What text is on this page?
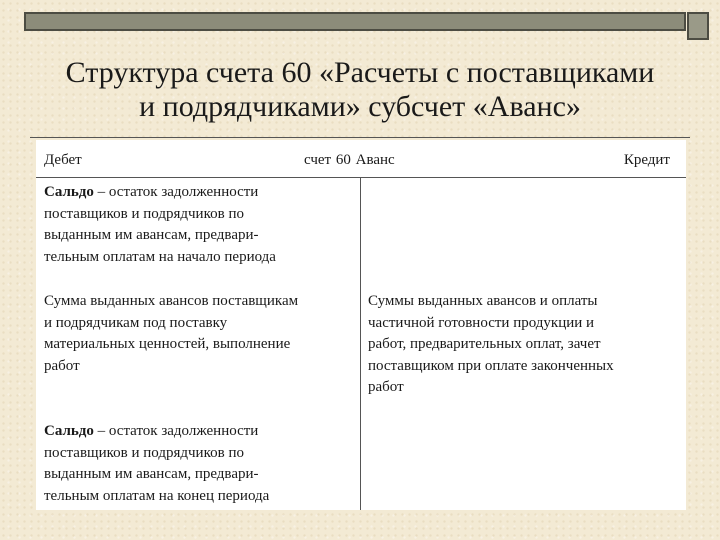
Структура счета 60 «Расчеты с поставщиками
и подрядчиками» субсчет «Аванс»
Дебет	счет 60 Аванс	Кредит
Сальдо – остаток задолженности
поставщиков и подрядчиков по
выданным им авансам, предвари-
тельным оплатам на начало периода
Сумма выданных авансов поставщикам
и подрядчикам под поставку
материальных ценностей, выполнение
работ
Суммы выданных авансов и оплаты
частичной готовности продукции и
работ, предварительных оплат, зачет
поставщиком при оплате законченных
работ
Сальдо – остаток задолженности
поставщиков и подрядчиков по
выданным им авансам, предвари-
тельным оплатам на конец периода
